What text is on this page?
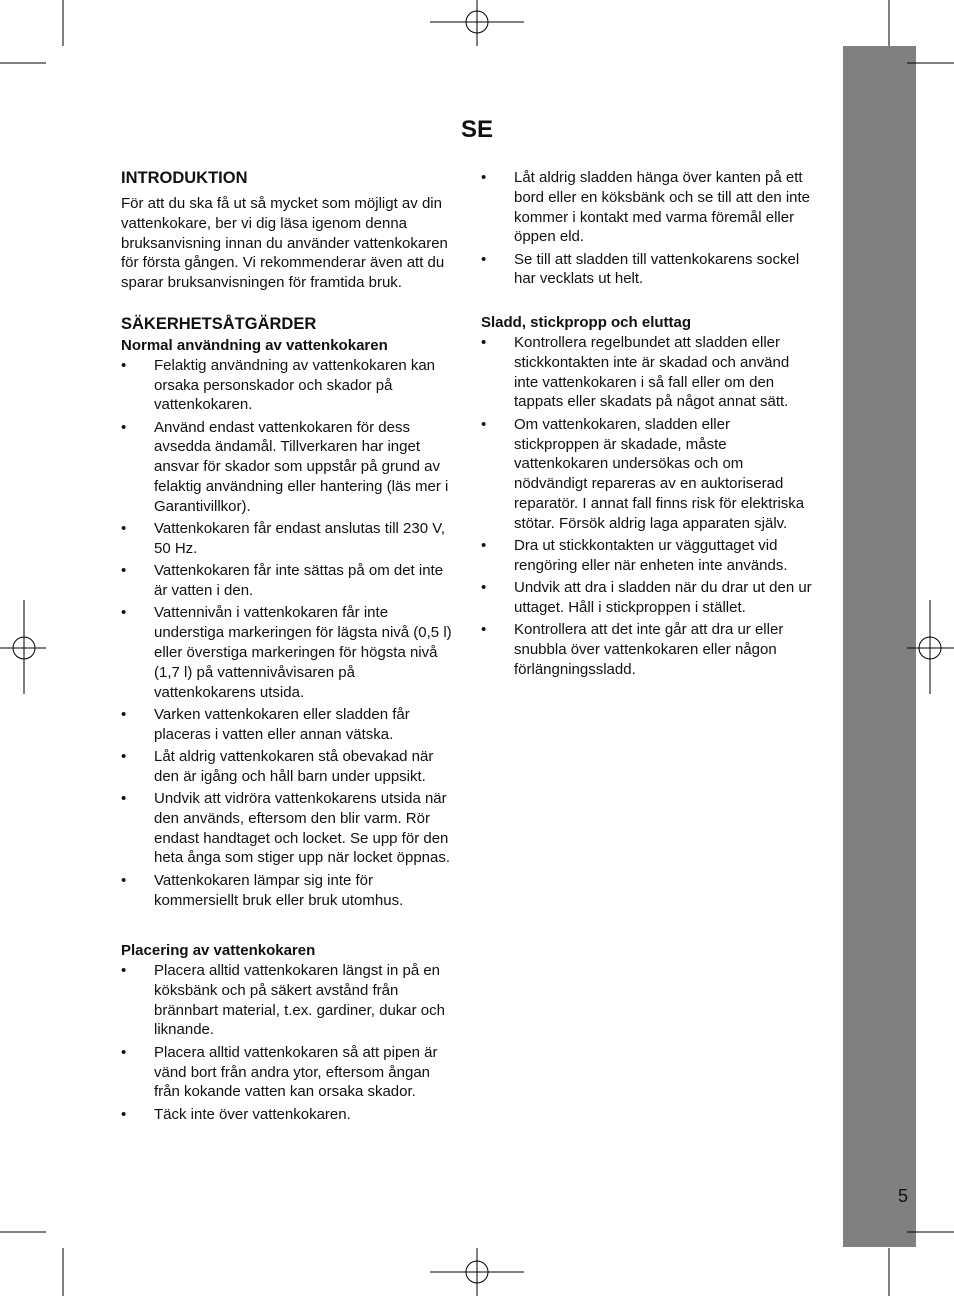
SE
INTRODUKTION

För att du ska få ut så mycket som möjligt av din vattenkokare, ber vi dig läsa igenom denna bruksanvisning innan du använder vattenkokaren för första gången. Vi rekommenderar även att du sparar bruksanvisningen för framtida bruk.

SÄKERHETSÅTGÄRDER
Normal användning av vattenkokaren
• Felaktig användning av vattenkokaren kan orsaka personskador och skador på vattenkokaren.
• Använd endast vattenkokaren för dess avsedda ändamål. Tillverkaren har inget ansvar för skador som uppstår på grund av felaktig användning eller hantering (läs mer i Garantivillkor).
• Vattenkokaren får endast anslutas till 230 V, 50 Hz.
• Vattenkokaren får inte sättas på om det inte är vatten i den.
• Vattennivån i vattenkokaren får inte understiga markeringen för lägsta nivå (0,5 l) eller överstiga markeringen för högsta nivå (1,7 l) på vattennivåvisaren på vattenkokarens utsida.
• Varken vattenkokaren eller sladden får placeras i vatten eller annan vätska.
• Låt aldrig vattenkokaren stå obevakad när den är igång och håll barn under uppsikt.
• Undvik att vidröra vattenkokarens utsida när den används, eftersom den blir varm. Rör endast handtaget och locket. Se upp för den heta ånga som stiger upp när locket öppnas.
• Vattenkokaren lämpar sig inte för kommersiellt bruk eller bruk utomhus.
Placering av vattenkokaren
• Placera alltid vattenkokaren längst in på en köksbänk och på säkert avstånd från brännbart material, t.ex. gardiner, dukar och liknande.
• Placera alltid vattenkokaren så att pipen är vänd bort från andra ytor, eftersom ångan från kokande vatten kan orsaka skador.
• Täck inte över vattenkokaren.
• Låt aldrig sladden hänga över kanten på ett bord eller en köksbänk och se till att den inte kommer i kontakt med varma föremål eller öppen eld.
• Se till att sladden till vattenkokarens sockel har vecklats ut helt.
Sladd, stickpropp och eluttag
• Kontrollera regelbundet att sladden eller stickkontakten inte är skadad och använd inte vattenkokaren i så fall eller om den tappats eller skadats på något annat sätt.
• Om vattenkokaren, sladden eller stickproppen är skadade, måste vattenkokaren undersökas och om nödvändigt repareras av en auktoriserad reparatör. I annat fall finns risk för elektriska stötar. Försök aldrig laga apparaten själv.
• Dra ut stickkontakten ur vägguttaget vid rengöring eller när enheten inte används.
• Undvik att dra i sladden när du drar ut den ur uttaget. Håll i stickproppen i stället.
• Kontrollera att det inte går att dra ur eller snubbla över vattenkokaren eller någon förlängningssladd.
5
